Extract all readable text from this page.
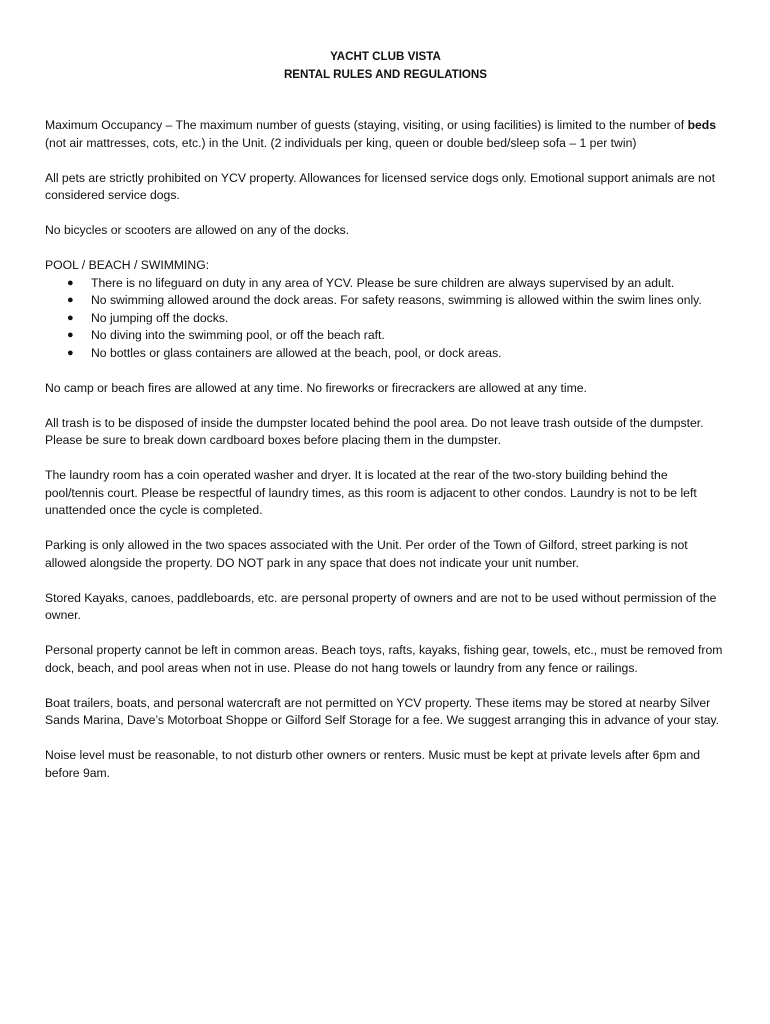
YACHT CLUB VISTA
RENTAL RULES AND REGULATIONS

Maximum Occupancy – The maximum number of guests (staying, visiting, or using facilities) is limited to the number of beds (not air mattresses, cots, etc.) in the Unit. (2 individuals per king, queen or double bed/sleep sofa – 1 per twin)

All pets are strictly prohibited on YCV property. Allowances for licensed service dogs only. Emotional support animals are not considered service dogs.

No bicycles or scooters are allowed on any of the docks.

POOL / BEACH / SWIMMING:
● There is no lifeguard on duty in any area of YCV. Please be sure children are always supervised by an adult.
● No swimming allowed around the dock areas. For safety reasons, swimming is allowed within the swim lines only.
● No jumping off the docks.
● No diving into the swimming pool, or off the beach raft.
● No bottles or glass containers are allowed at the beach, pool, or dock areas.

No camp or beach fires are allowed at any time. No fireworks or firecrackers are allowed at any time.

All trash is to be disposed of inside the dumpster located behind the pool area. Do not leave trash outside of the dumpster. Please be sure to break down cardboard boxes before placing them in the dumpster.

The laundry room has a coin operated washer and dryer. It is located at the rear of the two-story building behind the pool/tennis court. Please be respectful of laundry times, as this room is adjacent to other condos. Laundry is not to be left unattended once the cycle is completed.

Parking is only allowed in the two spaces associated with the Unit. Per order of the Town of Gilford, street parking is not allowed alongside the property. DO NOT park in any space that does not indicate your unit number.

Stored Kayaks, canoes, paddleboards, etc. are personal property of owners and are not to be used without permission of the owner.

Personal property cannot be left in common areas. Beach toys, rafts, kayaks, fishing gear, towels, etc., must be removed from dock, beach, and pool areas when not in use. Please do not hang towels or laundry from any fence or railings.

Boat trailers, boats, and personal watercraft are not permitted on YCV property. These items may be stored at nearby Silver Sands Marina, Dave’s Motorboat Shoppe or Gilford Self Storage for a fee. We suggest arranging this in advance of your stay.

Noise level must be reasonable, to not disturb other owners or renters. Music must be kept at private levels after 6pm and before 9am.
